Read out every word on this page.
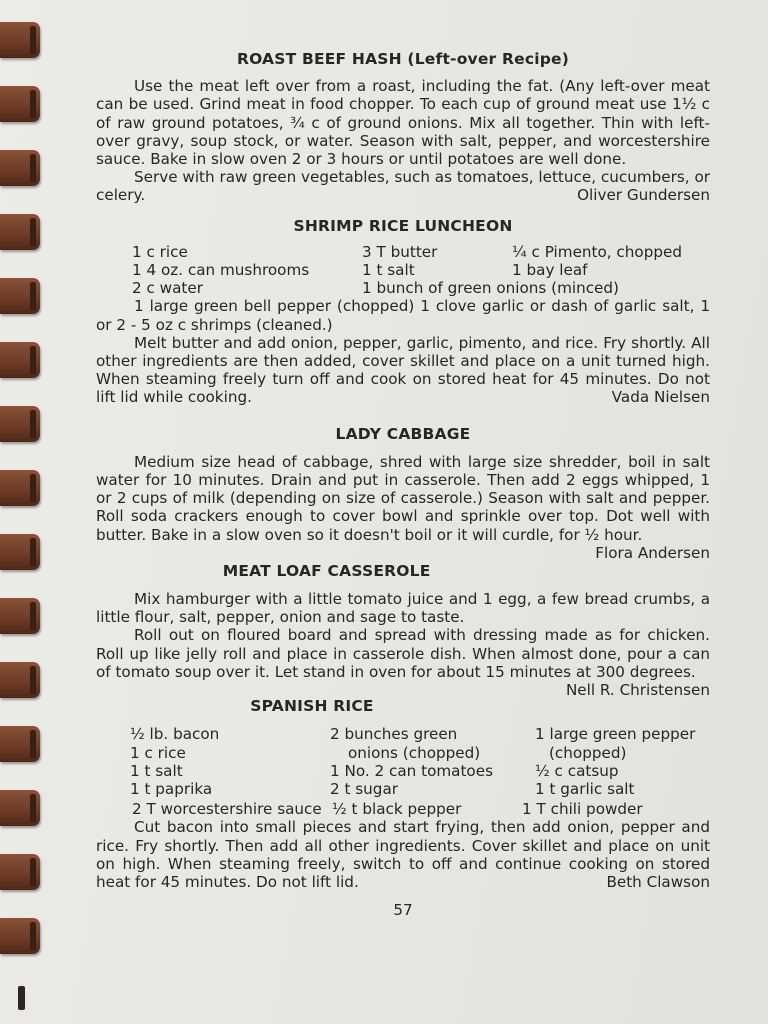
ROAST BEEF HASH (Left-over Recipe)

Use the meat left over from a roast, including the fat. (Any left-over meat can be used. Grind meat in food chopper. To each cup of ground meat use 1½ c of raw ground potatoes, ¾ c of ground onions. Mix all together. Thin with left-over gravy, soup stock, or water. Season with salt, pepper, and worcestershire sauce. Bake in slow oven 2 or 3 hours or until potatoes are well done.

Serve with raw green vegetables, such as tomatoes, lettuce, cucumbers, or celery.	Oliver Gundersen

SHRIMP RICE LUNCHEON
1 c rice	3 T butter	¼ c Pimento, chopped
1 4 oz. can mushrooms	1 t salt	1 bay leaf
2 c water	1 bunch of green onions (minced)

1 large green bell pepper (chopped) 1 clove garlic or dash of garlic salt, 1 or 2 - 5 oz c shrimps (cleaned.)

Melt butter and add onion, pepper, garlic, pimento, and rice. Fry shortly. All other ingredients are then added, cover skillet and place on a unit turned high. When steaming freely turn off and cook on stored heat for 45 minutes. Do not lift lid while cooking.	Vada Nielsen

LADY CABBAGE

Medium size head of cabbage, shred with large size shredder, boil in salt water for 10 minutes. Drain and put in casserole. Then add 2 eggs whipped, 1 or 2 cups of milk (depending on size of casserole.) Season with salt and pepper. Roll soda crackers enough to cover bowl and sprinkle over top. Dot well with butter. Bake in a slow oven so it doesn't boil or it will curdle, for ½ hour.
Flora Andersen

MEAT LOAF CASSEROLE

Mix hamburger with a little tomato juice and 1 egg, a few bread crumbs, a little flour, salt, pepper, onion and sage to taste.

Roll out on floured board and spread with dressing made as for chicken. Roll up like jelly roll and place in casserole dish. When almost done, pour a can of tomato soup over it. Let stand in oven for about 15 minutes at 300 degrees.
Nell R. Christensen

SPANISH RICE
½ lb. bacon	2 bunches green	1 large green pepper
1 c rice	onions (chopped)	(chopped)
1 t salt	1 No. 2 can tomatoes	½ c catsup
1 t paprika	2 t sugar	1 t garlic salt
2 T worcestershire sauce ½ t black pepper	1 T chili powder

Cut bacon into small pieces and start frying, then add onion, pepper and rice. Fry shortly. Then add all other ingredients. Cover skillet and place on unit on high. When steaming freely, switch to off and continue cooking on stored heat for 45 minutes. Do not lift lid.	Beth Clawson

57
